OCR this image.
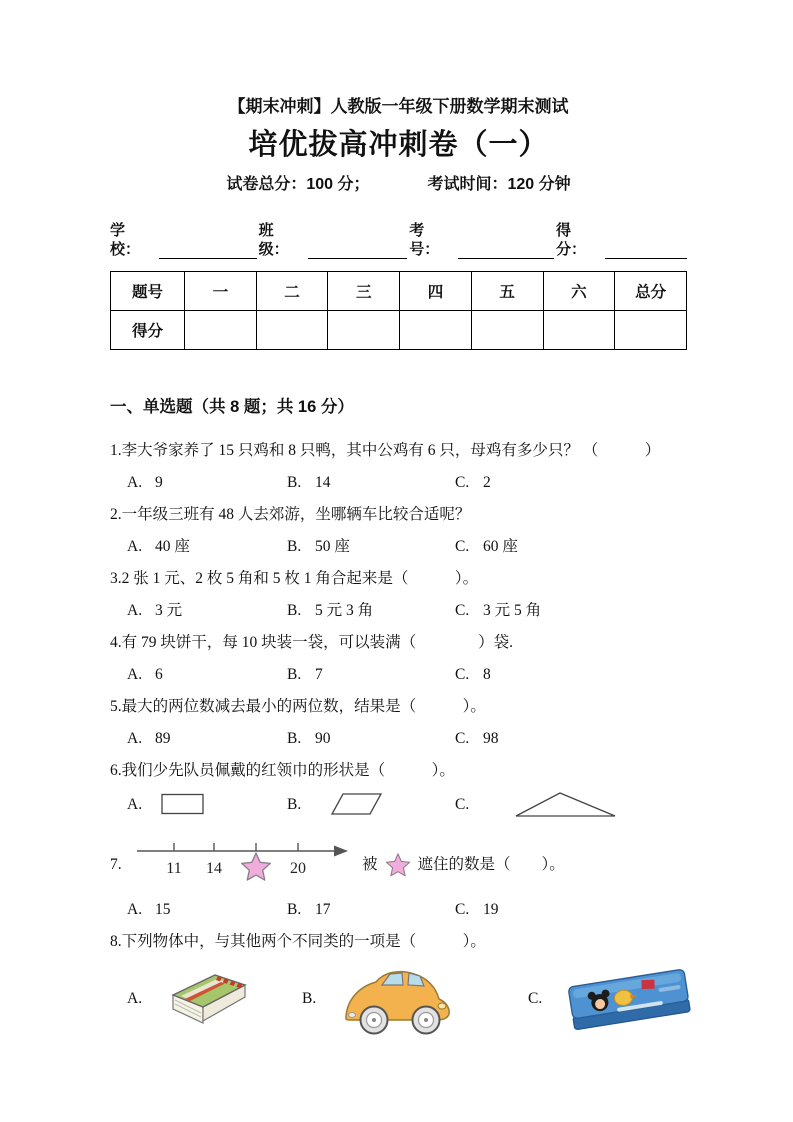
【期末冲刺】人教版一年级下册数学期末测试
培优拔高冲刺卷（一）
试卷总分：100 分；	考试时间：120 分钟
学校：
班级：
考号：
得分：
题号	一	二	三	四	五	六	总分
得分							
一、单选题（共 8 题；共 16 分）
1.李大爷家养了 15 只鸡和 8 只鸭，其中公鸡有 6 只，母鸡有多少只？ （　　　）
A. 9	B. 14	C. 2
2.一年级三班有 48 人去郊游，坐哪辆车比较合适呢？
A. 40 座	B. 50 座	C. 60 座
3.2 张 1 元、2 枚 5 角和 5 枚 1 角合起来是（　　　）。
A. 3 元	B. 5 元 3 角	C. 3 元 5 角
4.有 79 块饼干，每 10 块装一袋，可以装满（　　　　）袋.
A. 6	B. 7	C. 8
5.最大的两位数减去最小的两位数，结果是（　　　）。
A. 89	B. 90	C. 98
6.我们少先队员佩戴的红领巾的形状是（　　　）。
A.	B.	C.
7.	11 14	20	被	遮住的数是（　　）。
A. 15	B. 17	C. 19
8.下列物体中，与其他两个不同类的一项是（　　　）。
A.	B.	C.
